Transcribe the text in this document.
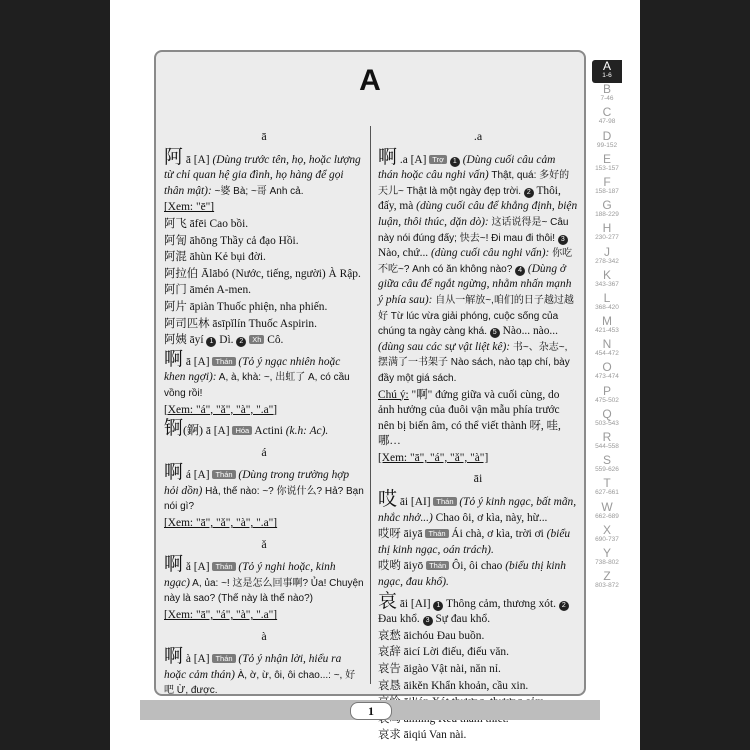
A
ā
阿 ā [A] (Dùng trước tên, họ, hoặc lượng từ chỉ quan hệ gia đình, họ hàng để gọi thân mật): ~婆 Bà; ~哥 Anh cả.
[Xem: "ē"]
阿飞 āfēi Cao bồi.
阿訇 āhōng Thầy cả đạo Hồi.
阿混 āhùn Kẻ bụi đời.
阿拉伯 Ālābó (Nước, tiếng, người) À Rập.
阿门 āmén A-men.
阿片 āpiàn Thuốc phiện, nha phiến.
阿司匹林 āsīpǐlín Thuốc Aspirin.
阿姨 āyí 1 Dì. 2 Xh Cô.
啊 ā [A] Thán (Tỏ ý ngạc nhiên hoặc khen ngợi): A, à, khà: ~, 出虹了 A, có cầu vồng rồi!
[Xem: "á", "ǎ", "à", ".a"]
锕(錒) ā [A] Hóa Actini (k.h: Ac).
á
啊 á [A] Thán (Dùng trong trường hợp hỏi dồn) Hả, thế nào: ~? 你说什么? Hả? Bạn nói gì?
[Xem: "ā", "ǎ", "à", ".a"]
ǎ
啊 ǎ [A] Thán (Tỏ ý nghi hoặc, kinh ngạc) A, ủa: ~! 这是怎么回事啊? Ủa! Chuyện này là sao? (Thế này là thế nào?)
[Xem: "ā", "á", "à", ".a"]
à
啊 à [A] Thán (Tỏ ý nhận lời, hiểu ra hoặc cảm thán) À, ờ, ừ, ôi, ôi chao...: ~, 好吧 Ừ, được.
.a
啊 .a [A] Trợ 1 (Dùng cuối câu cảm thán hoặc câu nghi vấn) Thật, quá: 多好的天儿~ Thật là một ngày đẹp trời. 2 Thôi, đấy, mà (dùng cuối câu để khẳng định, biện luận, thôi thúc, dặn dò): 这话说得是~ Câu này nói đúng đấy; 快去~! Đi mau đi thôi! 3 Nào, chứ... (dùng cuối câu nghi vấn): 你吃不吃~? Anh có ăn không nào? 4 (Dùng ở giữa câu để ngắt ngừng, nhằm nhấn mạnh ý phía sau): 自从一解放~,咱们的日子越过越好 Từ lúc vừa giải phóng, cuộc sống của chúng ta ngày càng khá. 5 Nào... nào... (dùng sau các sự vật liệt kê): 书~、杂志~, 摆满了一书架子 Nào sách, nào tạp chí, bày đầy một giá sách.
Chú ý: "啊" đứng giữa và cuối cùng, do ảnh hưởng của đuôi vận mẫu phía trước nên bị biến âm, có thể viết thành 呀, 哇, 哪…
[Xem: "ā", "á", "ǎ", "à"]
āi
哎 āi [AI] Thán (Tỏ ý kinh ngạc, bất mãn, nhắc nhở...) Chao ôi, ơ kìa, này, hừ...
哎呀 āiyā Thán Ái chà, ơ kìa, trời ơi (biểu thị kinh ngạc, oán trách).
哎哟 āiyō Thán Ôi, ôi chao (biểu thị kinh ngạc, đau khổ).
哀 āi [AI] 1 Thông cảm, thương xót. 2 Đau khổ. 3 Sự đau khổ.
哀愁 āichóu Đau buồn.
哀辞 āicí Lời điếu, điếu văn.
哀告 āigào Vật nài, năn nỉ.
哀恳 āikěn Khẩn khoản, cầu xin.
哀求 āiqiú Van nài.
1
A
1-6
B
7-46
C
47-98
D
99-152
E
153-157
F
158-187
G
188-229
H
230-277
J
278-342
K
343-367
L
368-420
M
421-453
N
454-472
O
473-474
P
475-502
Q
503-543
R
544-558
S
559-626
T
627-661
W
662-689
X
690-737
Y
738-802
Z
803-872
